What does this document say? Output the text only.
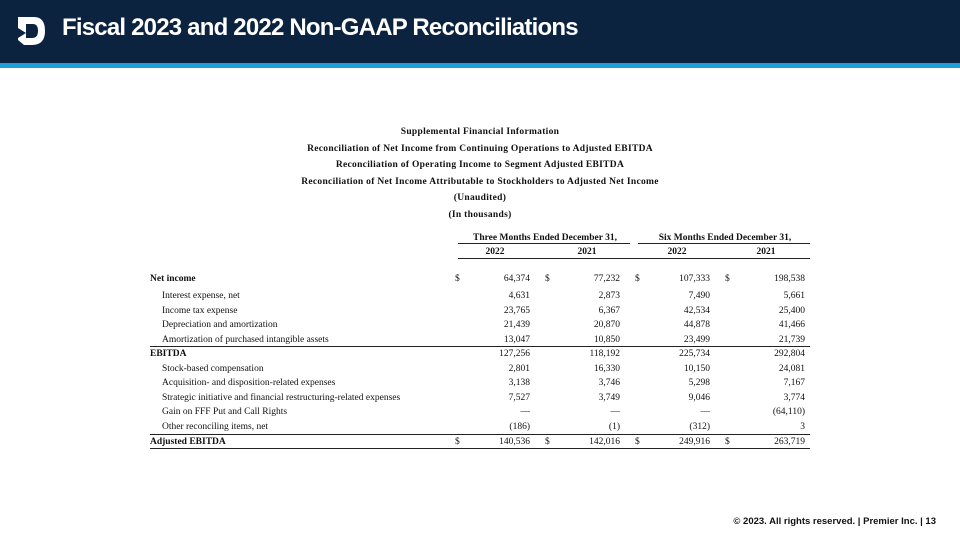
Fiscal 2023 and 2022 Non-GAAP Reconciliations
Supplemental Financial Information
Reconciliation of Net Income from Continuing Operations to Adjusted EBITDA
Reconciliation of Operating Income to Segment Adjusted EBITDA
Reconciliation of Net Income Attributable to Stockholders to Adjusted Net Income
(Unaudited)
(In thousands)
Three Months Ended December 31,	Six Months Ended December 31,
2022	2021	2022	2021
Net income	$	64,374 $	77,232 $	107,333 $	198,538
Interest expense, net	4,631	2,873	7,490	5,661
Income tax expense	23,765	6,367	42,534	25,400
Depreciation and amortization	21,439	20,870	44,878	41,466
Amortization of purchased intangible assets	13,047	10,850	23,499	21,739
EBITDA	127,256	118,192	225,734	292,804
Stock-based compensation	2,801	16,330	10,150	24,081
Acquisition- and disposition-related expenses	3,138	3,746	5,298	7,167
Strategic initiative and financial restructuring-related expenses	7,527	3,749	9,046	3,774
Gain on FFF Put and Call Rights	—	—	—	(64,110)
Other reconciling items, net	(186)	(1)	(312)	3
Adjusted EBITDA	$	140,536 $	142,016 $	249,916 $	263,719
© 2023. All rights reserved. | Premier Inc. | 13
